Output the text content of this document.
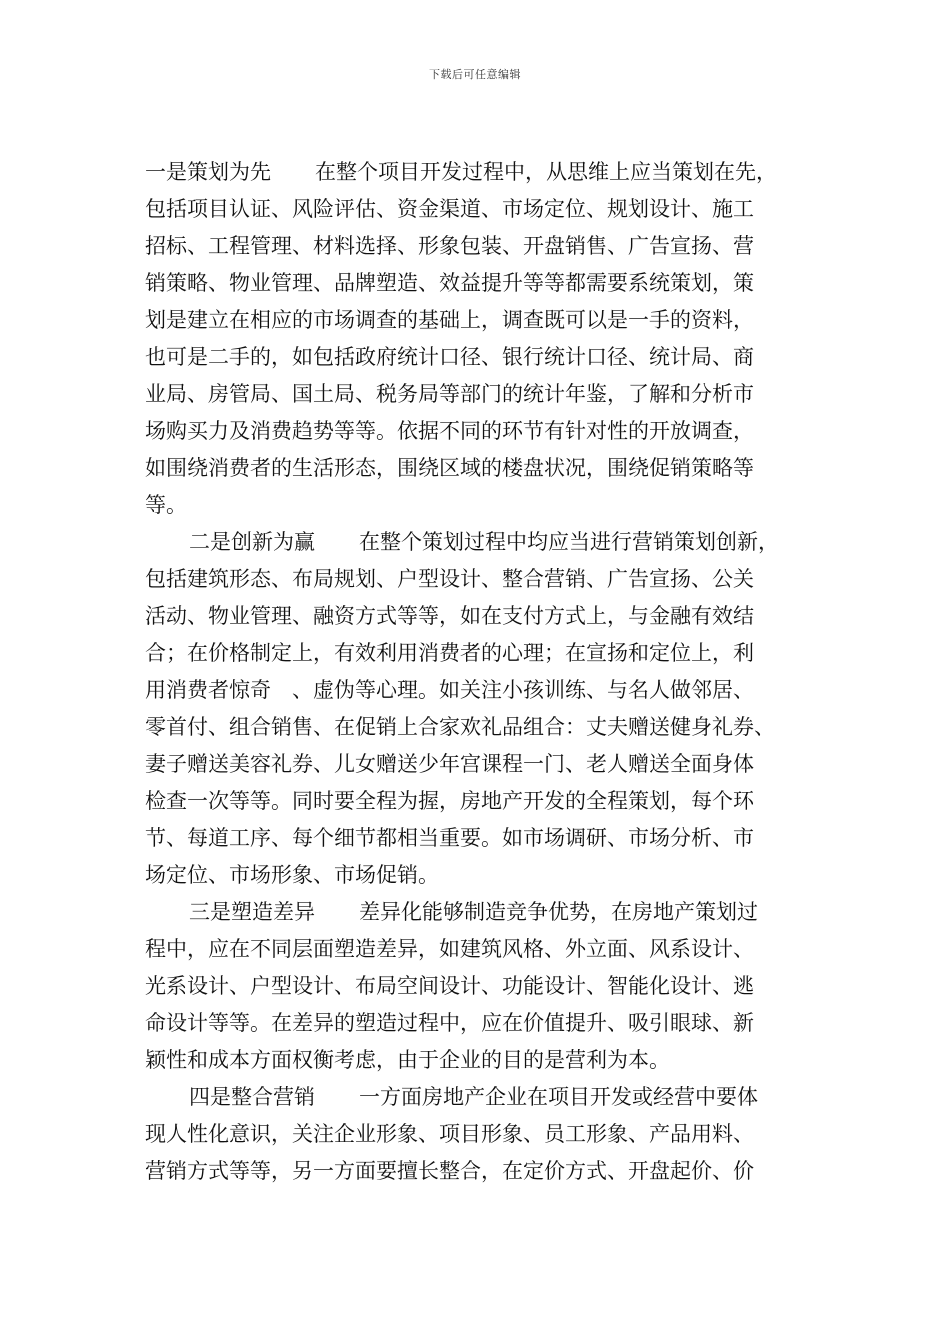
下载后可任意编辑
一是策划为先 在整个项目开发过程中，从思维上应当策划在先，
包括项目认证、风险评估、资金渠道、市场定位、规划设计、施工
招标、工程管理、材料选择、形象包装、开盘销售、广告宣扬、营
销策略、物业管理、品牌塑造、效益提升等等都需要系统策划，策
划是建立在相应的市场调查的基础上，调查既可以是一手的资料，
也可是二手的，如包括政府统计口径、银行统计口径、统计局、商
业局、房管局、国土局、税务局等部门的统计年鉴，了解和分析市
场购买力及消费趋势等等。依据不同的环节有针对性的开放调查，
如围绕消费者的生活形态，围绕区域的楼盘状况，围绕促销策略等
等。
二是创新为赢 在整个策划过程中均应当进行营销策划创新，
包括建筑形态、布局规划、户型设计、整合营销、广告宣扬、公关
活动、物业管理、融资方式等等，如在支付方式上，与金融有效结
合；在价格制定上，有效利用消费者的心理；在宣扬和定位上，利
用消费者惊奇　、虚伪等心理。如关注小孩训练、与名人做邻居、
零首付、组合销售、在促销上合家欢礼品组合：丈夫赠送健身礼券、
妻子赠送美容礼券、儿女赠送少年宫课程一门、老人赠送全面身体
检查一次等等。同时要全程为握，房地产开发的全程策划，每个环
节、每道工序、每个细节都相当重要。如市场调研、市场分析、市
场定位、市场形象、市场促销。
三是塑造差异 差异化能够制造竞争优势，在房地产策划过
程中，应在不同层面塑造差异，如建筑风格、外立面、风系设计、
光系设计、户型设计、布局空间设计、功能设计、智能化设计、逃
命设计等等。在差异的塑造过程中，应在价值提升、吸引眼球、新
颖性和成本方面权衡考虑，由于企业的目的是营利为本。
四是整合营销 一方面房地产企业在项目开发或经营中要体
现人性化意识，关注企业形象、项目形象、员工形象、产品用料、
营销方式等等，另一方面要擅长整合，在定价方式、开盘起价、价
